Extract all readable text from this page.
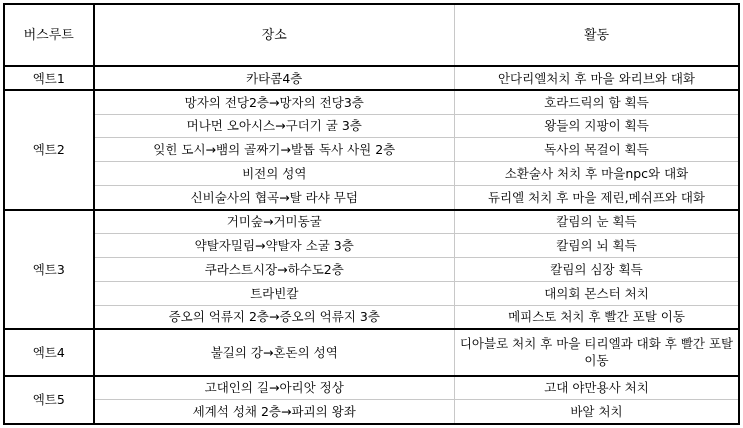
버스루트	장소	활동
엑트1	카타콤4층	안다리엘처치 후 마을 와리브와 대화
엑트2	망자의 전당2층→망자의 전당3층	호라드릭의 함 획득
	머나먼 오아시스→구더기 굴 3층	왕들의 지팡이 획득
	잊힌 도시→뱀의 골짜기→발톱 독사 사원 2층	독사의 목걸이 획득
	비전의 성역	소환술사 처치 후 마을npc와 대화
	신비술사의 협곡→탈 라샤 무덤	듀리엘 처치 후 마을 제린,메쉬프와 대화
엑트3	거미숲→거미동굴	칼림의 눈 획득
	약탈자밀림→약탈자 소굴 3층	칼림의 뇌 획득
	쿠라스트시장→하수도2층	칼림의 심장 획득
	트라빈칼	대의회 몬스터 처치
	증오의 억류지 2층→증오의 억류지 3층	메피스토 처치 후 빨간 포탈 이동
엑트4	불길의 강→혼돈의 성역	디아블로 처치 후 마을 티리엘과 대화 후 빨간 포탈 이동
엑트5	고대인의 길→아리앗 정상	고대 야만용사 처치
	세계석 성채 2층→파괴의 왕좌	바알 처치
